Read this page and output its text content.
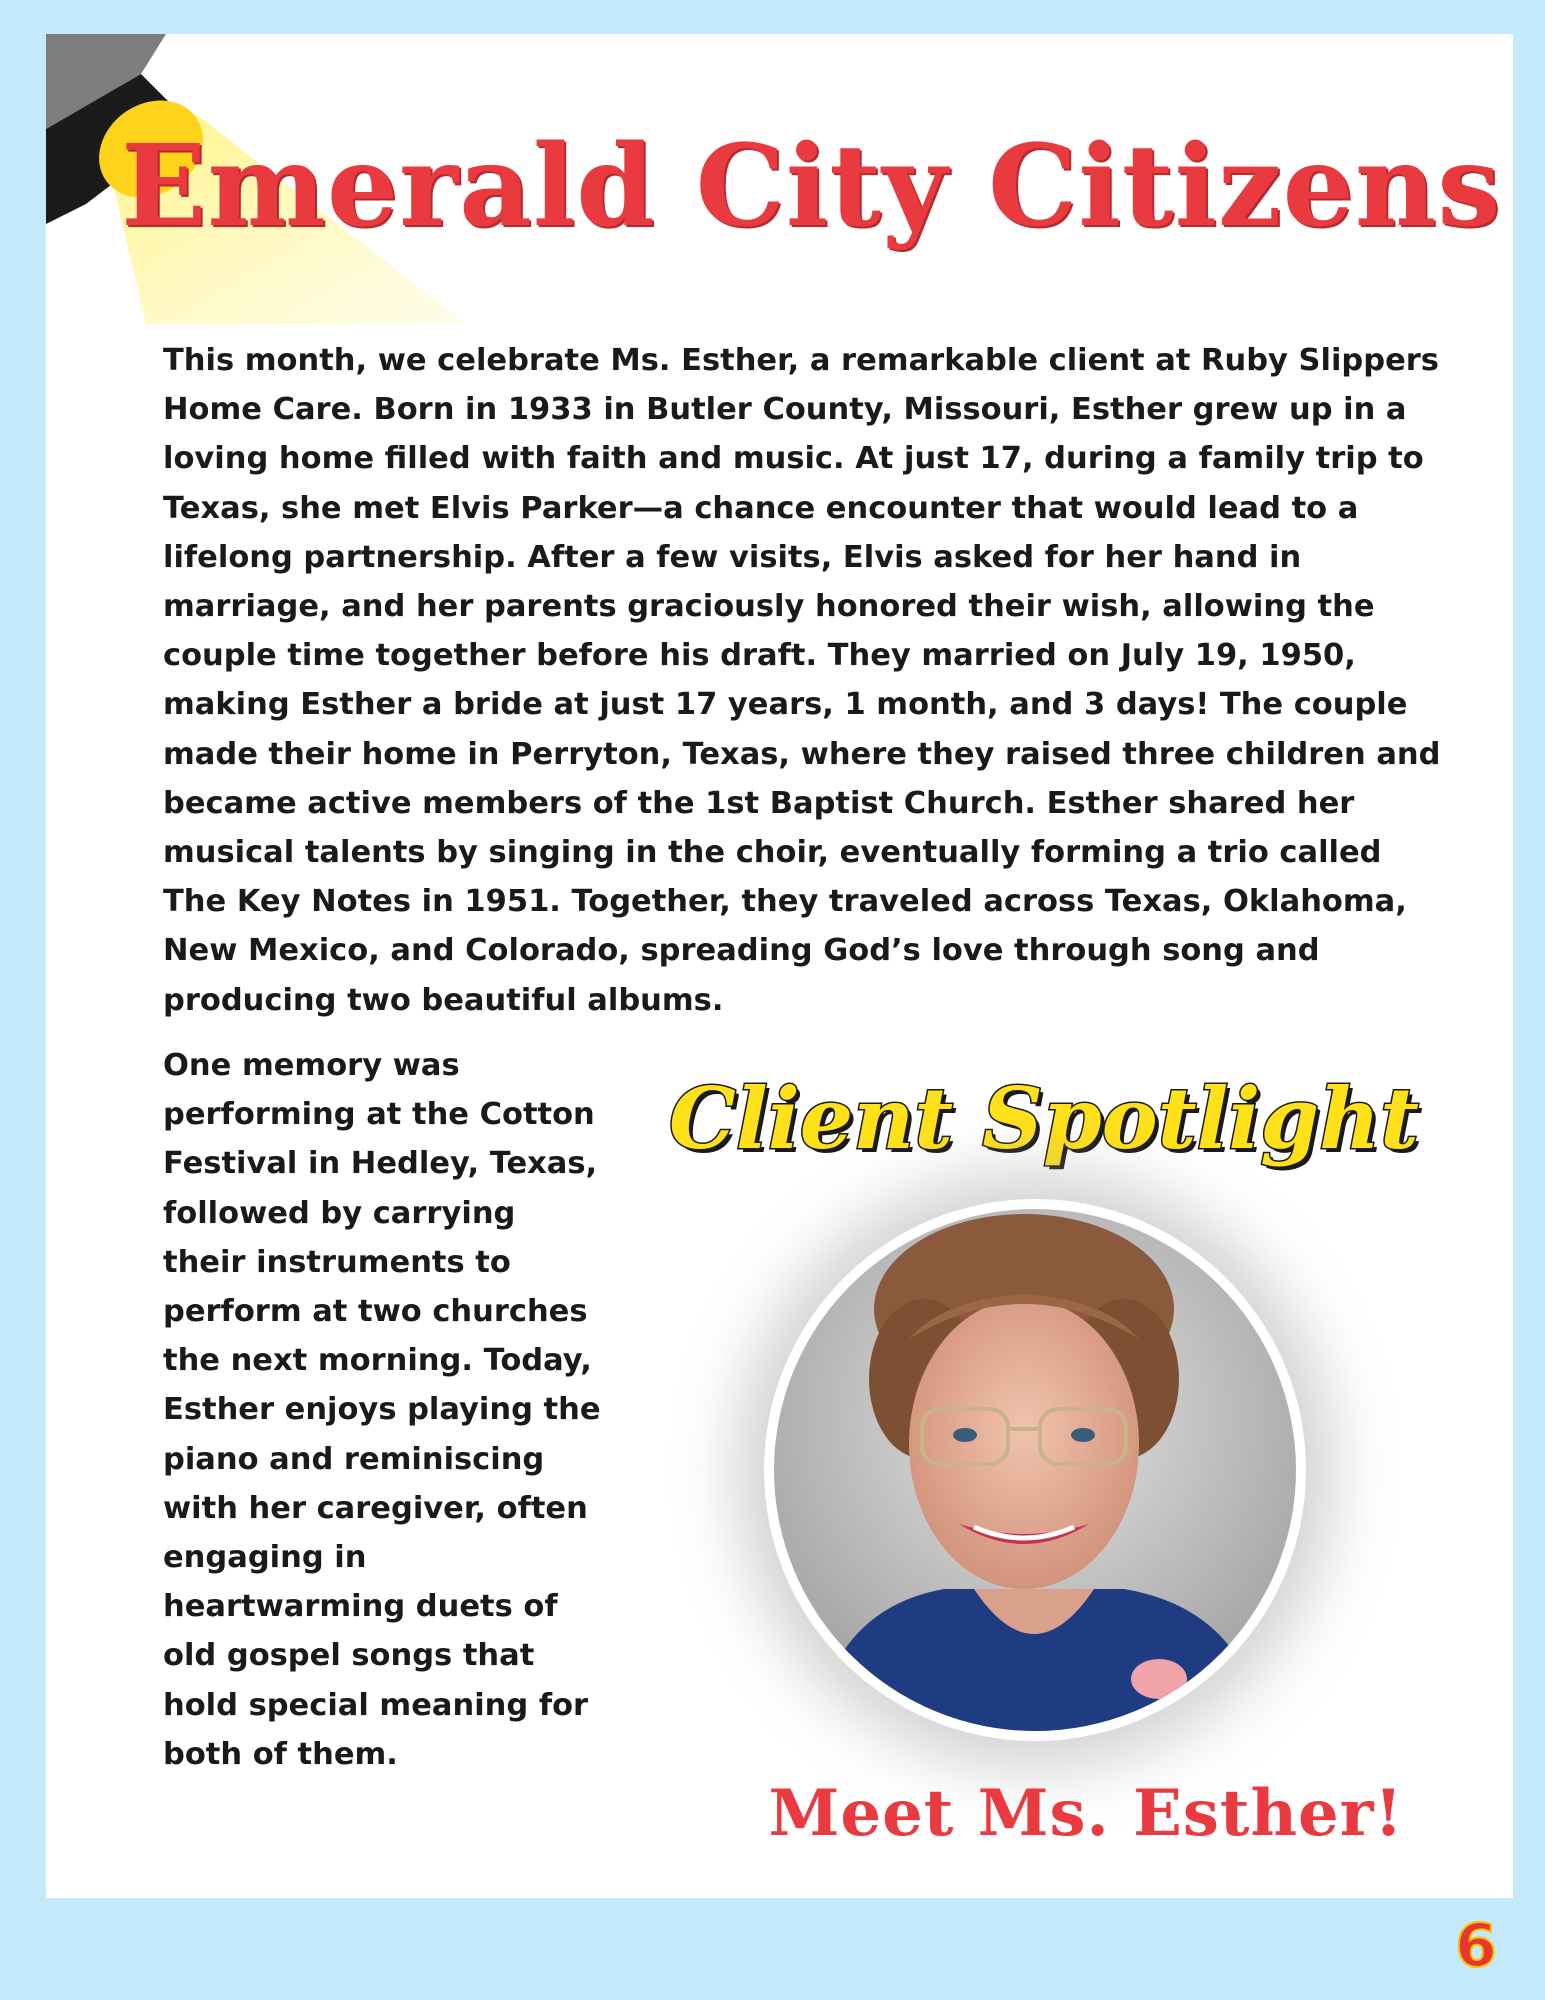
Emerald City Citizens

This month, we celebrate Ms. Esther, a remarkable client at Ruby Slippers Home Care. Born in 1933 in Butler County, Missouri, Esther grew up in a loving home filled with faith and music. At just 17, during a family trip to Texas, she met Elvis Parker—a chance encounter that would lead to a lifelong partnership. After a few visits, Elvis asked for her hand in marriage, and her parents graciously honored their wish, allowing the couple time together before his draft. They married on July 19, 1950, making Esther a bride at just 17 years, 1 month, and 3 days! The couple made their home in Perryton, Texas, where they raised three children and became active members of the 1st Baptist Church. Esther shared her musical talents by singing in the choir, eventually forming a trio called The Key Notes in 1951. Together, they traveled across Texas, Oklahoma, New Mexico, and Colorado, spreading God’s love through song and producing two beautiful albums.

One memory was performing at the Cotton Festival in Hedley, Texas, followed by carrying their instruments to perform at two churches the next morning. Today, Esther enjoys playing the piano and reminiscing with her caregiver, often engaging in heartwarming duets of old gospel songs that hold special meaning for both of them.

Client Spotlight
Meet Ms. Esther!
6
